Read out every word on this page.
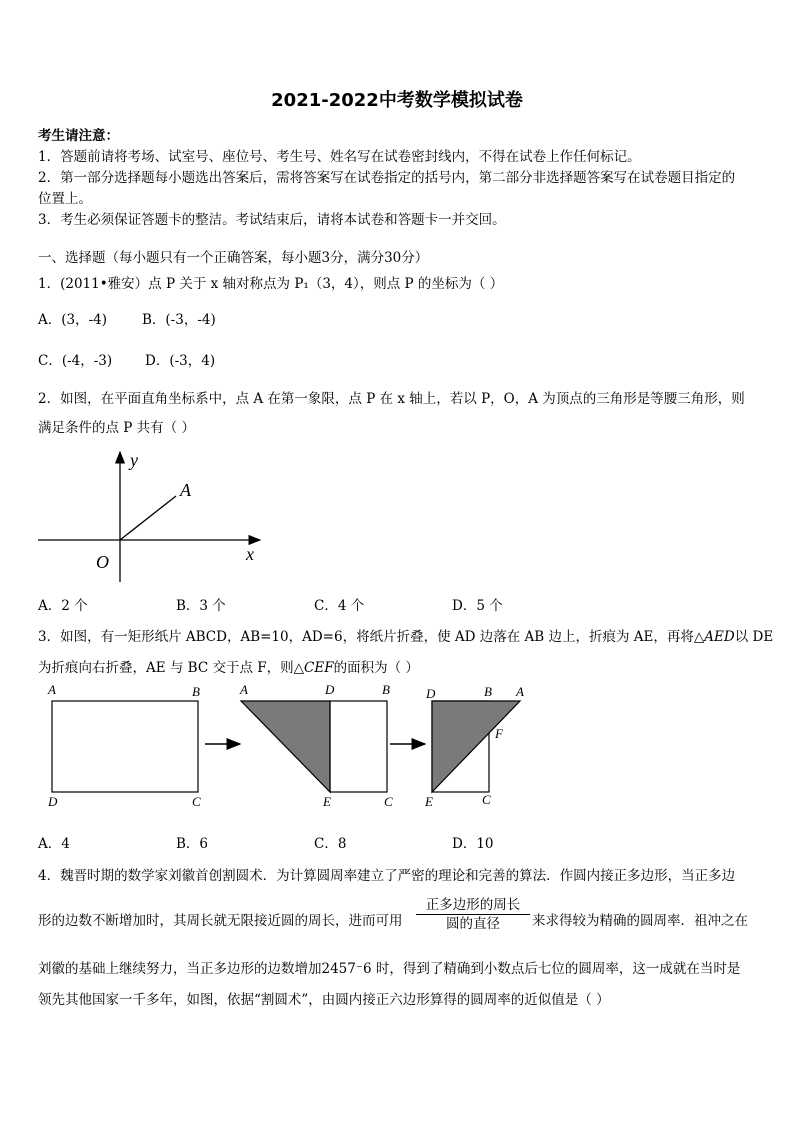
2021-2022中考数学模拟试卷
考生请注意：
1．答题前请将考场、试室号、座位号、考生号、姓名写在试卷密封线内，不得在试卷上作任何标记。
2．第一部分选择题每小题选出答案后，需将答案写在试卷指定的括号内，第二部分非选择题答案写在试卷题目指定的
位置上。
3．考生必须保证答题卡的整洁。考试结束后，请将本试卷和答题卡一并交回。
一、选择题（每小题只有一个正确答案，每小题3分，满分30分）
1．(2011•雅安）点 P 关于 x 轴对称点为 P₁（3，4），则点 P 的坐标为（ ）
A．(3，-4)	B．(-3，-4)
C．(-4，-3) D．(-3，4)
2．如图，在平面直角坐标系中，点 A 在第一象限，点 P 在 x 轴上，若以 P，O，A 为顶点的三角形是等腰三角形，则
满足条件的点 P 共有（ ）
y
x
O
A
A．2 个	B．3 个	C．4 个	D．5 个
3．如图，有一矩形纸片 ABCD，AB=10，AD=6，将纸片折叠，使 AD 边落在 AB 边上，折痕为 AE，再将△AED以 DE
为折痕向右折叠，AE 与 BC 交于点 F，则△CEF的面积为（ ）
A	B
D	C
A	D	B
E	C
D	B A
F
E	C
A．4	B．6	C．8	D．10
4．魏晋时期的数学家刘徽首创割圆术．为计算圆周率建立了严密的理论和完善的算法．作圆内接正多边形，当正多边
形的边数不断增加时，其周长就无限接近圆的周长，进而可用
正多边形的周长
圆的直径	来求得较为精确的圆周率．祖冲之在
刘徽的基础上继续努力，当正多边形的边数增加2457⁻6 时，得到了精确到小数点后七位的圆周率，这一成就在当时是
领先其他国家一千多年，如图，依据“割圆术”，由圆内接正六边形算得的圆周率的近似值是（ ）
